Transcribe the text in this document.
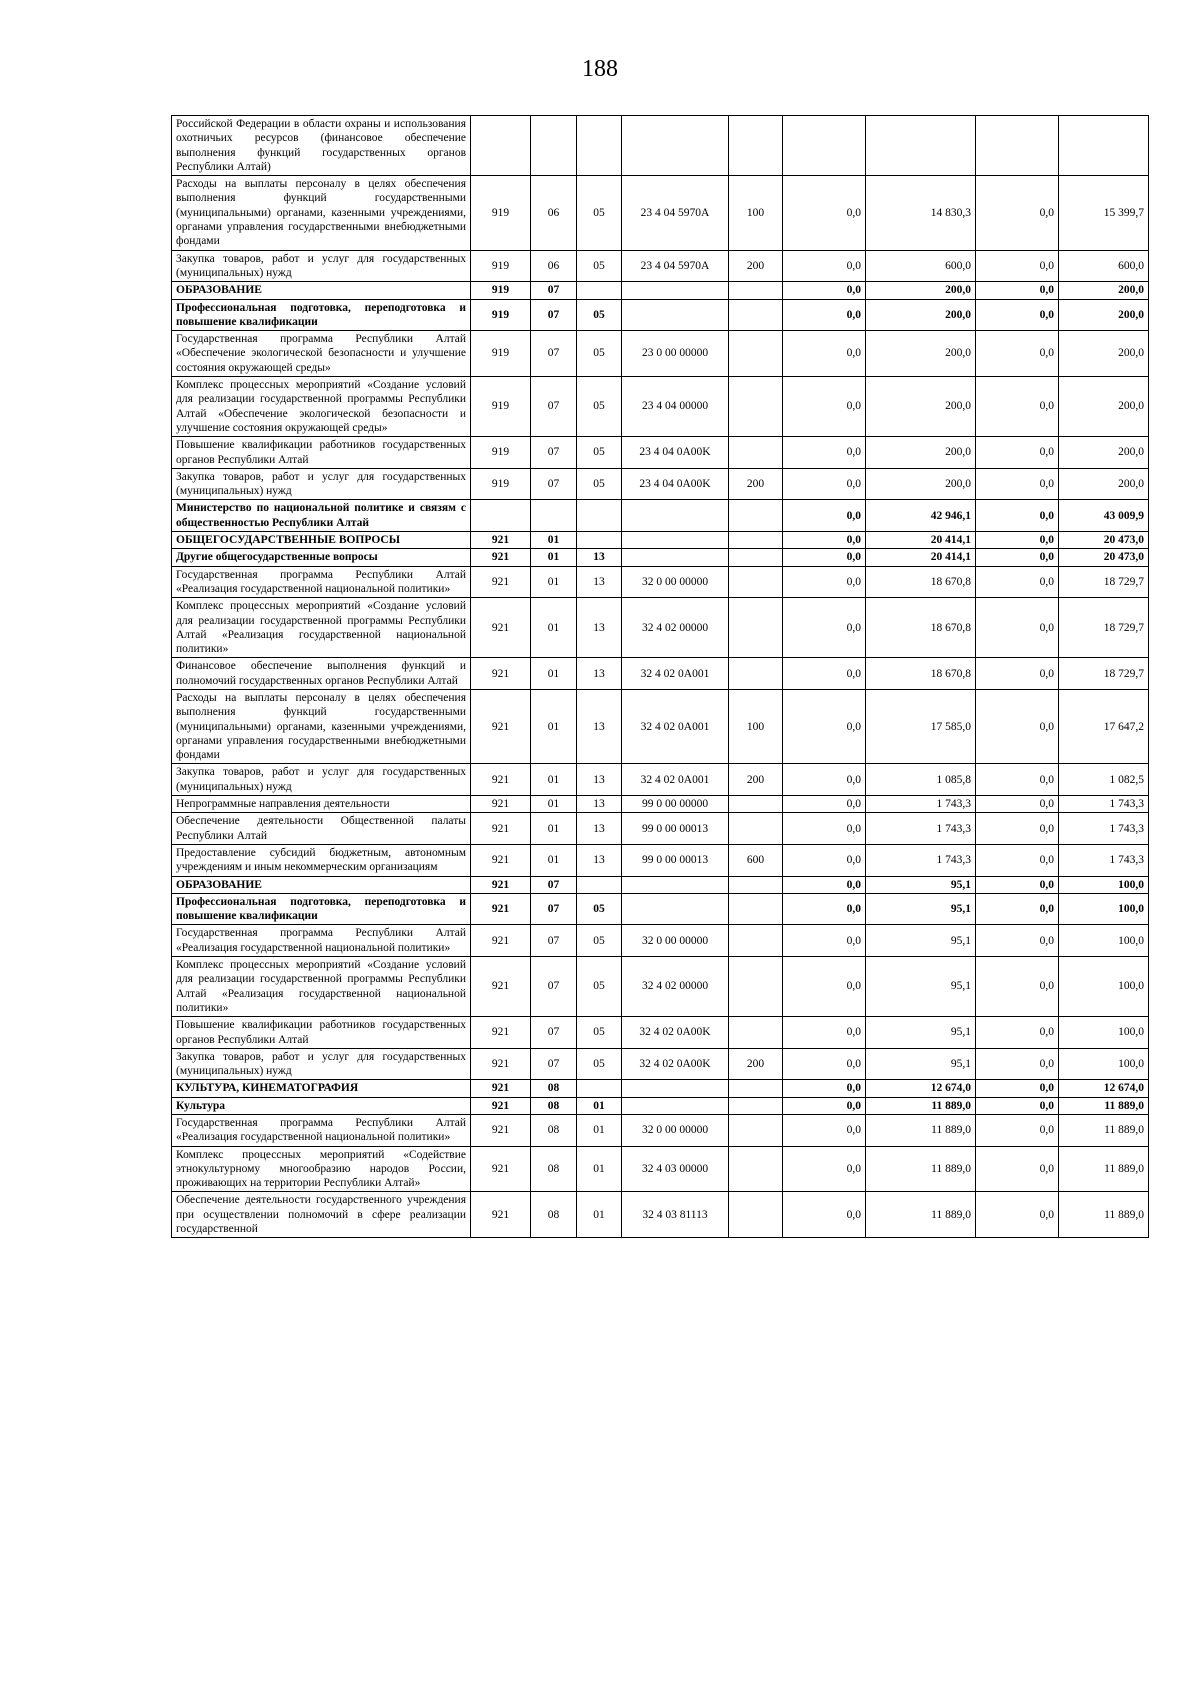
188
Российской Федерации в области охраны и использования охотничьих ресурсов (финансовое обеспечение выполнения функций государственных органов Республики Алтай)									
Расходы на выплаты персоналу в целях обеспечения выполнения функций государственными (муниципальными) органами, казенными учреждениями, органами управления государственными внебюджетными фондами	919	06	05	23 4 04 5970A	100	0,0	14 830,3	0,0	15 399,7
Закупка товаров, работ и услуг для государственных (муниципальных) нужд	919	06	05	23 4 04 5970A	200	0,0	600,0	0,0	600,0
ОБРАЗОВАНИЕ	919	07				0,0	200,0	0,0	200,0
Профессиональная подготовка, переподготовка и повышение квалификации	919	07	05			0,0	200,0	0,0	200,0
Государственная программа Республики Алтай «Обеспечение экологической безопасности и улучшение состояния окружающей среды»	919	07	05	23 0 00 00000		0,0	200,0	0,0	200,0
Комплекс процессных мероприятий «Создание условий для реализации государственной программы Республики Алтай «Обеспечение экологической безопасности и улучшение состояния окружающей среды»	919	07	05	23 4 04 00000		0,0	200,0	0,0	200,0
Повышение квалификации работников государственных органов Республики Алтай	919	07	05	23 4 04 0A00K		0,0	200,0	0,0	200,0
Закупка товаров, работ и услуг для государственных (муниципальных) нужд	919	07	05	23 4 04 0A00K	200	0,0	200,0	0,0	200,0
Министерство по национальной политике и связям с общественностью Республики Алтай						0,0	42 946,1	0,0	43 009,9
ОБЩЕГОСУДАРСТВЕННЫЕ ВОПРОСЫ	921	01				0,0	20 414,1	0,0	20 473,0
Другие общегосударственные вопросы	921	01	13			0,0	20 414,1	0,0	20 473,0
Государственная программа Республики Алтай «Реализация государственной национальной политики»	921	01	13	32 0 00 00000		0,0	18 670,8	0,0	18 729,7
Комплекс процессных мероприятий «Создание условий для реализации государственной программы Республики Алтай «Реализация государственной национальной политики»	921	01	13	32 4 02 00000		0,0	18 670,8	0,0	18 729,7
Финансовое обеспечение выполнения функций и полномочий государственных органов Республики Алтай	921	01	13	32 4 02 0A001		0,0	18 670,8	0,0	18 729,7
Расходы на выплаты персоналу в целях обеспечения выполнения функций государственными (муниципальными) органами, казенными учреждениями, органами управления государственными внебюджетными фондами	921	01	13	32 4 02 0A001	100	0,0	17 585,0	0,0	17 647,2
Закупка товаров, работ и услуг для государственных (муниципальных) нужд	921	01	13	32 4 02 0A001	200	0,0	1 085,8	0,0	1 082,5
Непрограммные направления деятельности	921	01	13	99 0 00 00000		0,0	1 743,3	0,0	1 743,3
Обеспечение деятельности Общественной палаты Республики Алтай	921	01	13	99 0 00 00013		0,0	1 743,3	0,0	1 743,3
Предоставление субсидий бюджетным, автономным учреждениям и иным некоммерческим организациям	921	01	13	99 0 00 00013	600	0,0	1 743,3	0,0	1 743,3
ОБРАЗОВАНИЕ	921	07				0,0	95,1	0,0	100,0
Профессиональная подготовка, переподготовка и повышение квалификации	921	07	05			0,0	95,1	0,0	100,0
Государственная программа Республики Алтай «Реализация государственной национальной политики»	921	07	05	32 0 00 00000		0,0	95,1	0,0	100,0
Комплекс процессных мероприятий «Создание условий для реализации государственной программы Республики Алтай «Реализация государственной национальной политики»	921	07	05	32 4 02 00000		0,0	95,1	0,0	100,0
Повышение квалификации работников государственных органов Республики Алтай	921	07	05	32 4 02 0A00K		0,0	95,1	0,0	100,0
Закупка товаров, работ и услуг для государственных (муниципальных) нужд	921	07	05	32 4 02 0A00K	200	0,0	95,1	0,0	100,0
КУЛЬТУРА, КИНЕМАТОГРАФИЯ	921	08				0,0	12 674,0	0,0	12 674,0
Культура	921	08	01			0,0	11 889,0	0,0	11 889,0
Государственная программа Республики Алтай «Реализация государственной национальной политики»	921	08	01	32 0 00 00000		0,0	11 889,0	0,0	11 889,0
Комплекс процессных мероприятий «Содействие этнокультурному многообразию народов России, проживающих на территории Республики Алтай»	921	08	01	32 4 03 00000		0,0	11 889,0	0,0	11 889,0
Обеспечение деятельности государственного учреждения при осуществлении полномочий в сфере реализации государственной	921	08	01	32 4 03 81113		0,0	11 889,0	0,0	11 889,0
